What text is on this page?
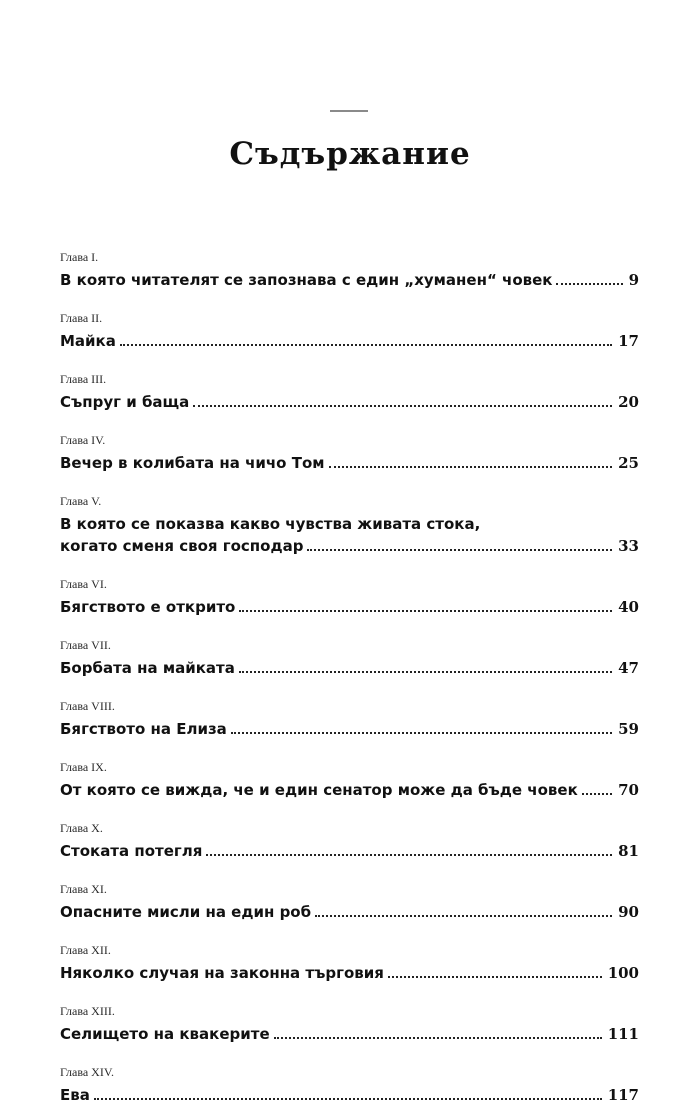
Съдържание
Глава I.
В която читателят се запознава с един „хуманен“ човек	9
Глава II.
Майка	17
Глава III.
Съпруг и баща	20
Глава IV.
Вечер в колибата на чичо Том	25
Глава V.
В която се показва какво чувства живата стока,
когато сменя своя господар	33
Глава VI.
Бягството е открито	40
Глава VII.
Борбата на майката	47
Глава VIII.
Бягството на Елиза	59
Глава IX.
От която се вижда, че и един сенатор може да бъде човек	70
Глава X.
Стоката потегля	81
Глава XI.
Опасните мисли на един роб	90
Глава XII.
Няколко случая на законна търговия	100
Глава XIII.
Селището на квакерите	111
Глава XIV.
Ева	117
